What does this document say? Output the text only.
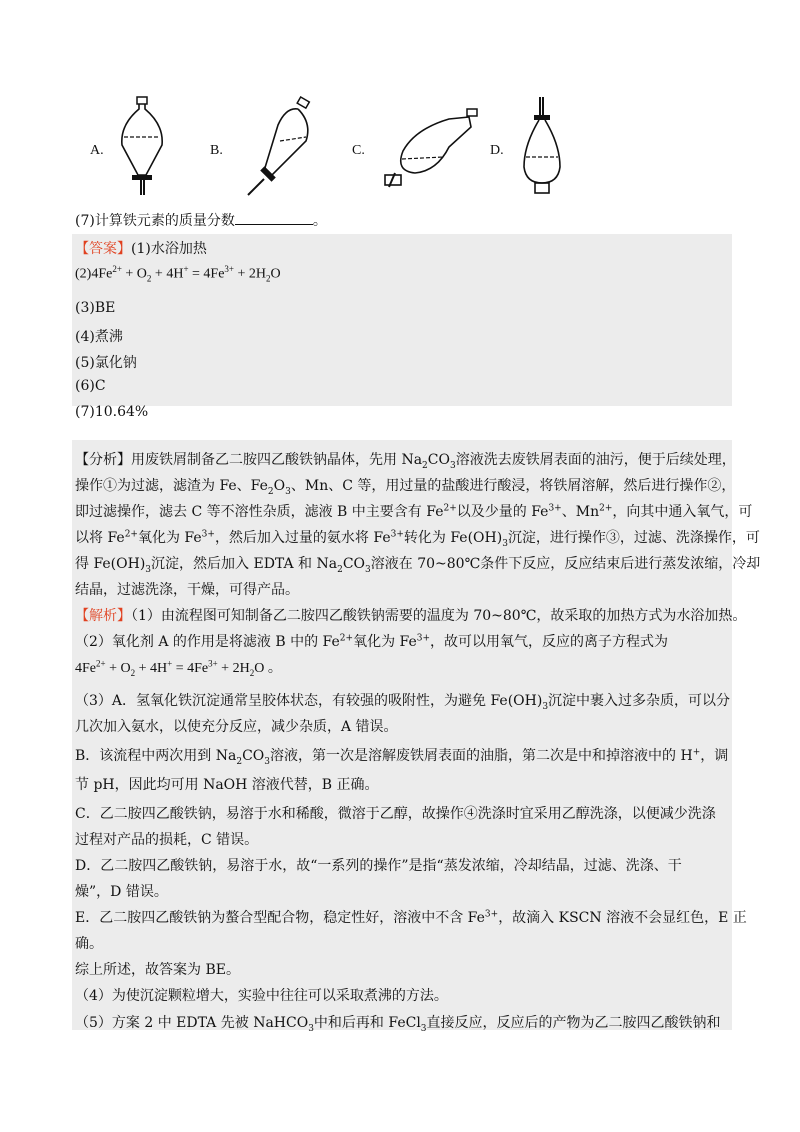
A.	B.	C.	D.
(7)计算铁元素的质量分数	。
【答案】(1)水浴加热
$(2)4Fe^{2+} + O_2 + 4H^+ = 4Fe^{3+} + 2H_2O$
(3)BE
(4)煮沸
(5)氯化钠
(6)C
(7)10.64%
【分析】用废铁屑制备乙二胺四乙酸铁钠晶体，先用 $Na_2CO_3$溶液洗去废铁屑表面的油污，便于后续处理，
操作①为过滤，滤渣为 Fe、$Fe_2O_3$、Mn、C 等，用过量的盐酸进行酸浸，将铁屑溶解，然后进行操作②，
即过滤操作，滤去 C 等不溶性杂质，滤液 B 中主要含有 $Fe^{2+}$以及少量的 $Fe^{3+}$、$Mn^{2+}$，向其中通入氧气，可
以将 $Fe^{2+}$氧化为 $Fe^{3+}$，然后加入过量的氨水将 $Fe^{3+}$转化为 $Fe(OH)_3$沉淀，进行操作③，过滤、洗涤操作，可
得 $Fe(OH)_3$沉淀，然后加入 EDTA 和 $Na_2CO_3$溶液在 70~80℃条件下反应，反应结束后进行蒸发浓缩，冷却
结晶，过滤洗涤，干燥，可得产品。
【解析】（1）由流程图可知制备乙二胺四乙酸铁钠需要的温度为 70~80℃，故采取的加热方式为水浴加热。
（2）氧化剂 A 的作用是将滤液 B 中的 $Fe^{2+}$氧化为 $Fe^{3+}$，故可以用氧气，反应的离子方程式为
$4Fe^{2+} + O_2 + 4H^+ = 4Fe^{3+} + 2H_2O$ 。
（3）A．氢氧化铁沉淀通常呈胶体状态，有较强的吸附性，为避免 $Fe(OH)_3$沉淀中裹入过多杂质，可以分
几次加入氨水，以使充分反应，减少杂质，A 错误。
B．该流程中两次用到 $Na_2CO_3$溶液，第一次是溶解废铁屑表面的油脂，第二次是中和掉溶液中的 H+，调
节 pH，因此均可用 NaOH 溶液代替，B 正确。
C．乙二胺四乙酸铁钠，易溶于水和稀酸，微溶于乙醇，故操作④洗涤时宜采用乙醇洗涤，以便减少洗涤
过程对产品的损耗，C 错误。
D．乙二胺四乙酸铁钠，易溶于水，故“一系列的操作”是指“蒸发浓缩，冷却结晶，过滤、洗涤、干
燥”，D 错误。
E．乙二胺四乙酸铁钠为螯合型配合物，稳定性好，溶液中不含 $Fe^{3+}$，故滴入 KSCN 溶液不会显红色，E 正
确。
综上所述，故答案为 BE。
（4）为使沉淀颗粒增大，实验中往往可以采取煮沸的方法。
（5）方案 2 中 EDTA 先被 NaHCO$_3$中和后再和 FeCl$_3$直接反应，反应后的产物为乙二胺四乙酸铁钠和
